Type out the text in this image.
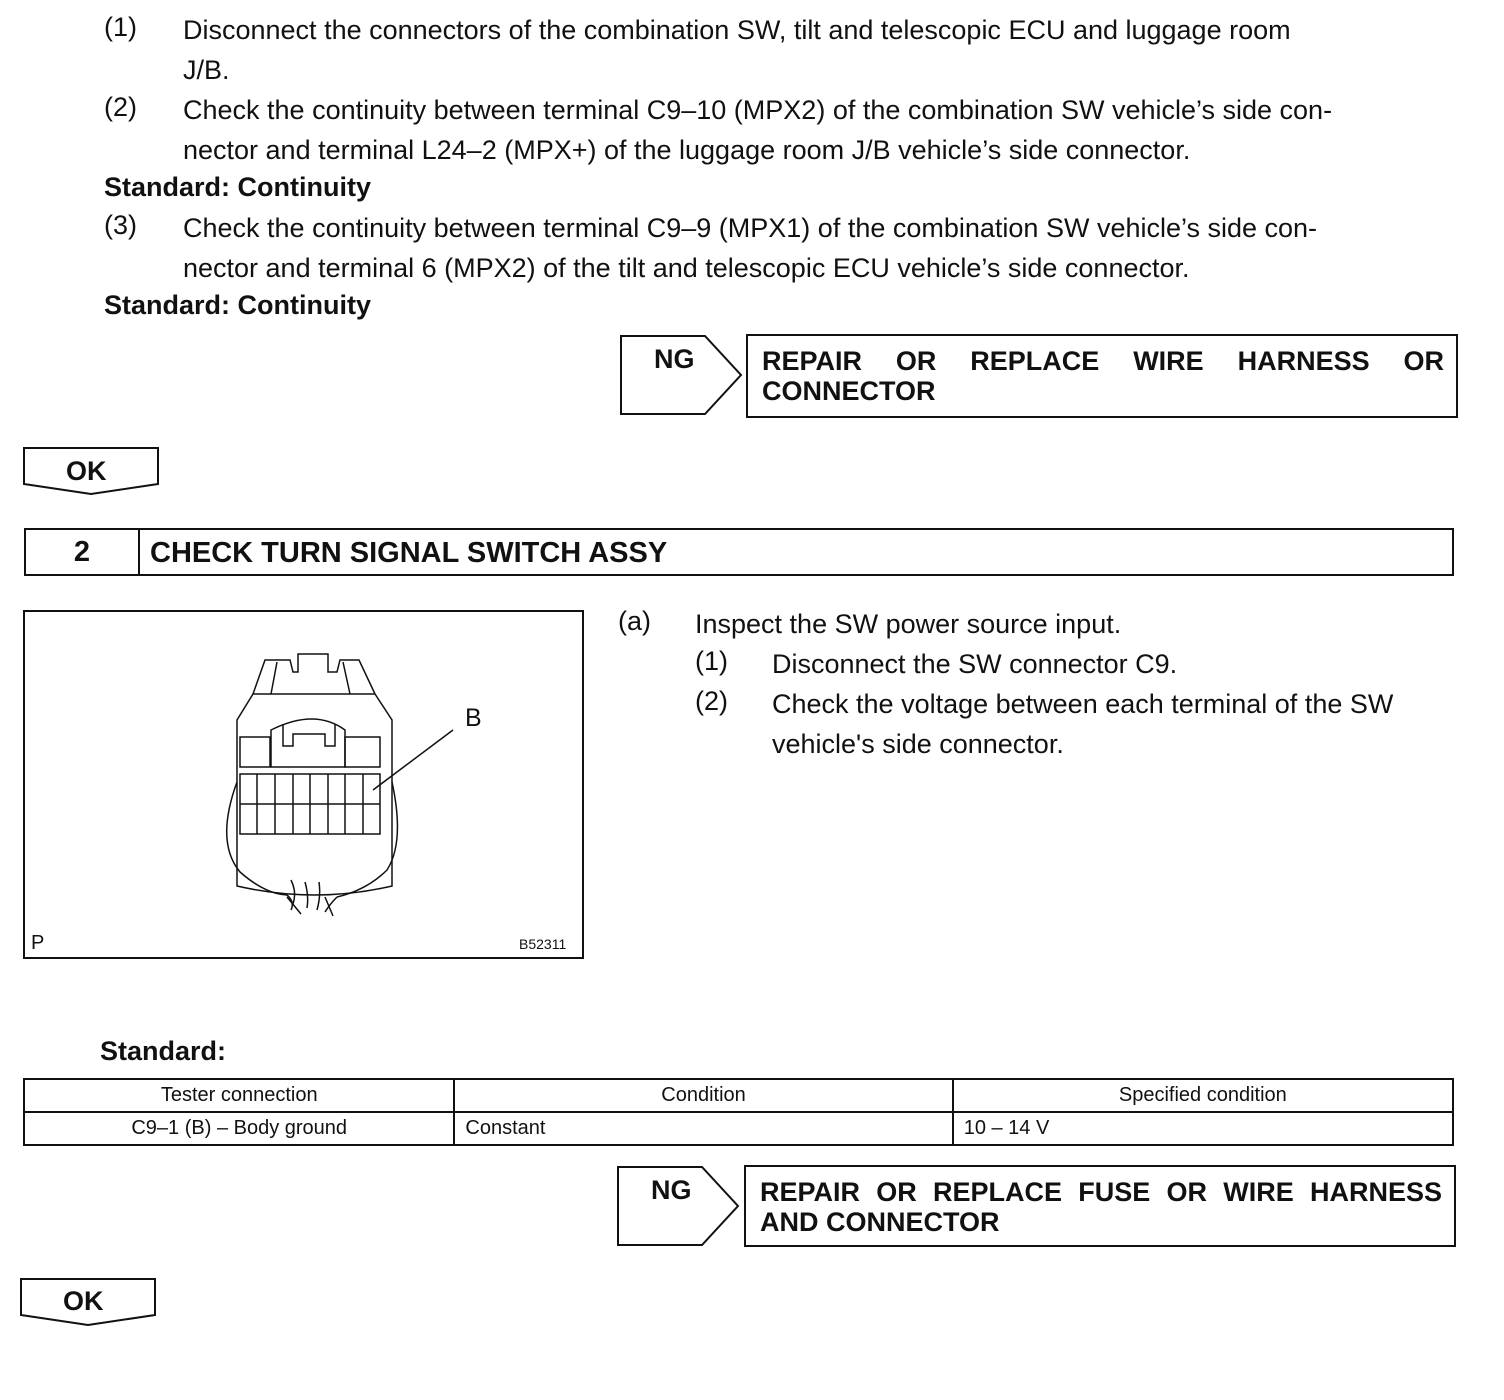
(1) Disconnect the connectors of the combination SW, tilt and telescopic ECU and luggage room
J/B.
(2) Check the continuity between terminal C9–10 (MPX2) of the combination SW vehicle’s side con-
nector and terminal L24–2 (MPX+) of the luggage room J/B vehicle’s side connector.
Standard: Continuity
(3) Check the continuity between terminal C9–9 (MPX1) of the combination SW vehicle’s side con-
nector and terminal 6 (MPX2) of the tilt and telescopic ECU vehicle’s side connector.
Standard: Continuity
NG	REPAIR OR REPLACE WIRE HARNESS OR CONNECTOR
OK
2	CHECK TURN SIGNAL SWITCH ASSY
B
P	B52311
(a) Inspect the SW power source input.
(1) Disconnect the SW connector C9.
(2) Check the voltage between each terminal of the SW
vehicle's side connector.
Standard:
Tester connection	Condition	Specified condition
C9–1 (B) – Body ground	Constant	10 – 14 V
NG	REPAIR OR REPLACE FUSE OR WIRE HARNESS AND CONNECTOR
OK
